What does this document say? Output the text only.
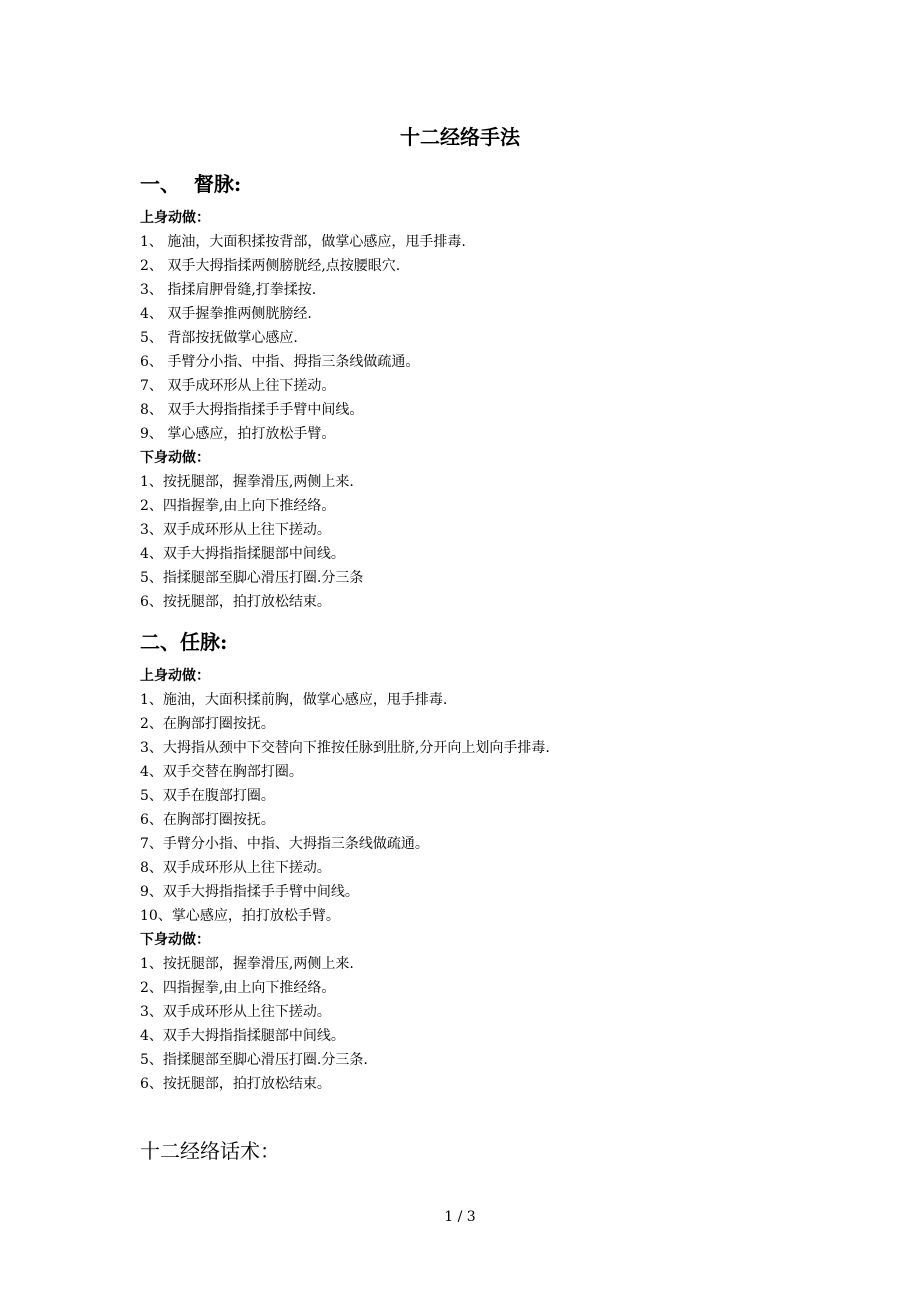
十二经络手法
一、  督脉:
上身动做：
1、 施油，大面积揉按背部，做掌心感应，甩手排毒.
2、 双手大拇指揉两侧膀胱经,点按腰眼穴.
3、 指揉肩胛骨缝,打拳揉按.
4、 双手握拳推两侧胱膀经.
5、 背部按抚做掌心感应.
6、 手臂分小指、中指、拇指三条线做疏通。
7、 双手成环形从上往下搓动。
8、 双手大拇指指揉手手臂中间线。
9、 掌心感应，拍打放松手臂。
下身动做：
1、按抚腿部，握拳滑压,两侧上来.
2、四指握拳,由上向下推经络。
3、双手成环形从上往下搓动。
4、双手大拇指指揉腿部中间线。
5、指揉腿部至脚心滑压打圈.分三条
6、按抚腿部，拍打放松结束。
二、任脉:
上身动做：
1、施油，大面积揉前胸，做掌心感应，甩手排毒.
2、在胸部打圈按抚。
3、大拇指从颈中下交替向下推按任脉到肚脐,分开向上划向手排毒.
4、双手交替在胸部打圈。
5、双手在腹部打圈。
6、在胸部打圈按抚。
7、手臂分小指、中指、大拇指三条线做疏通。
8、双手成环形从上往下搓动。
9、双手大拇指指揉手手臂中间线。
10、掌心感应，拍打放松手臂。
下身动做：
1、按抚腿部，握拳滑压,两侧上来.
2、四指握拳,由上向下推经络。
3、双手成环形从上往下搓动。
4、双手大拇指指揉腿部中间线。
5、指揉腿部至脚心滑压打圈.分三条.
6、按抚腿部，拍打放松结束。
十二经络话术：
1 / 3
